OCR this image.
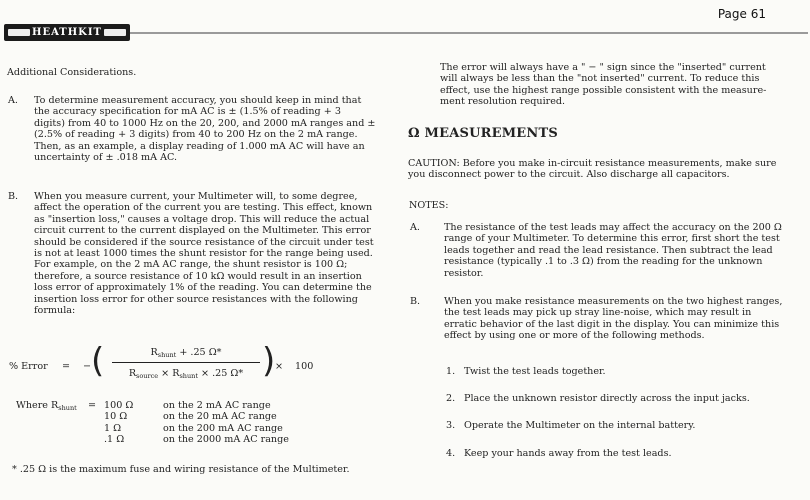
Page 61
HEATHKIT
Additional Considerations.
A. To determine measurement accuracy, you should keep in mind that
the accuracy specification for mA AC is ± (1.5% of reading + 3
digits) from 40 to 1000 Hz on the 20, 200, and 2000 mA ranges and ±
(2.5% of reading + 3 digits) from 40 to 200 Hz on the 2 mA range.
Then, as an example, a display reading of 1.000 mA AC will have an
uncertainty of ± .018 mA AC.
B. When you measure current, your Multimeter will, to some degree,
affect the operation of the current you are testing. This effect, known
as "insertion loss," causes a voltage drop. This will reduce the actual
circuit current to the current displayed on the Multimeter. This error
should be considered if the source resistance of the circuit under test
is not at least 1000 times the shunt resistor for the range being used.
For example, on the 2 mA AC range, the shunt resistor is 100 Ω;
therefore, a source resistance of 10 kΩ would result in an insertion
loss error of approximately 1% of the reading. You can determine the
insertion loss error for other source resistances with the following
formula:
% Error = − (	$R_{shunt} + .25$ Ω*
$R_{source} \times R_{shunt} \times .25$ Ω* ) × 100
Where $R_{shunt} = 100$ Ω
10 Ω
1 Ω
.1 Ω
on the 2 mA AC range
on the 20 mA AC range
on the 200 mA AC range
on the 2000 mA AC range
* .25 Ω is the maximum fuse and wiring resistance of the Multimeter.
The error will always have a " − " sign since the "inserted" current
will always be less than the "not inserted" current. To reduce this
effect, use the highest range possible consistent with the measure-
ment resolution required.
Ω MEASUREMENTS
CAUTION: Before you make in-circuit resistance measurements, make sure
you disconnect power to the circuit. Also discharge all capacitors.
NOTES:
A.	The resistance of the test leads may affect the accuracy on the 200 Ω
range of your Multimeter. To determine this error, first short the test
leads together and read the lead resistance. Then subtract the lead
resistance (typically .1 to .3 Ω) from the reading for the unknown
resistor.
B. When you make resistance measurements on the two highest ranges,
the test leads may pick up stray line-noise, which may result in
erratic behavior of the last digit in the display. You can minimize this
effect by using one or more of the following methods.
1. Twist the test leads together.
2. Place the unknown resistor directly across the input jacks.
3. Operate the Multimeter on the internal battery.
4. Keep your hands away from the test leads.
